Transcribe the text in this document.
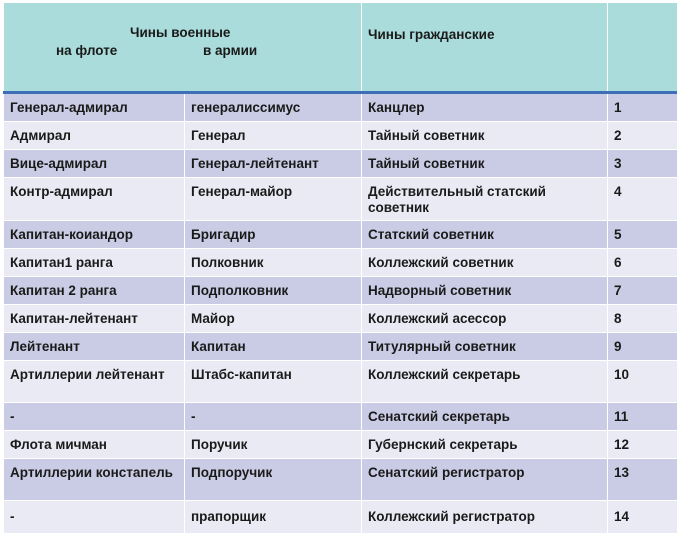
Чины военные
на флоте в армии		Чины гражданские	
Генерал-адмирал	генералиссимус	Канцлер	1
Адмирал	Генерал	Тайный советник	2
Вице-адмирал	Генерал-лейтенант	Тайный советник	3
Контр-адмирал	Генерал-майор	Действительный статский советник	4
Капитан-коиандор	Бригадир	Статский советник	5
Капитан1 ранга	Полковник	Коллежский советник	6
Капитан 2 ранга	Подполковник	Надворный советник	7
Капитан-лейтенант	Майор	Коллежский асессор	8
Лейтенант	Капитан	Титулярный советник	9
Артиллерии лейтенант	Штабс-капитан	Коллежский секретарь	10
-	-	Сенатский секретарь	11
Флота мичман	Поручик	Губернский секретарь	12
Артиллерии констапель	Подпоручик	Сенатский регистратор	13
-	прапорщик	Коллежский регистратор	14
